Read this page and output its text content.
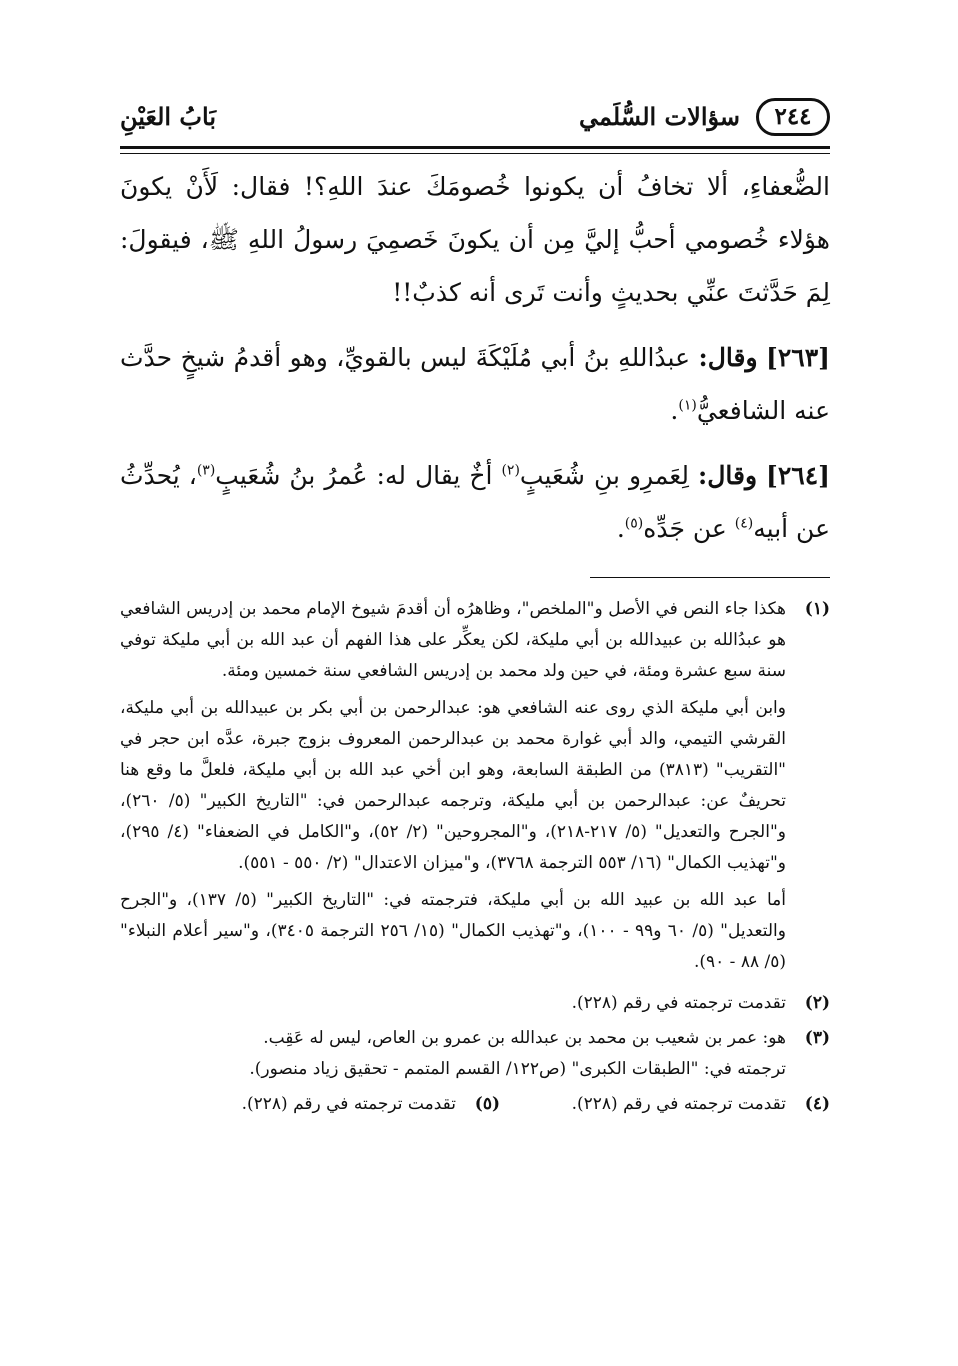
٢٤٤
سؤالات السُّلَمي
بَابُ العَيْنِ

الضُّعفاءِ، ألا تخافُ أن يكونوا خُصومَكَ عندَ اللهِ؟! فقال: لَأَنْ يكونَ هؤلاء خُصومي أحبُّ إليَّ مِن أن يكونَ خَصمِيَ رسولُ اللهِ ﷺ، فيقولَ: لِمَ حَدَّثتَ عنِّي بحديثٍ وأنت تَرى أنه كذبٌ!!

[٢٦٣] وقال: عبدُاللهِ بنُ أبي مُلَيْكَةَ ليس بالقويِّ، وهو أقدمُ شيخٍ حدَّث عنه الشافعيُّ$^{(١)}$.

[٢٦٤] وقال: لِعَمرِو بنِ شُعَيبٍ$^{(٢)}$ أخٌ يقال له: عُمرُ بنُ شُعَيبٍ$^{(٣)}$، يُحدِّثُ عن أبيه$^{(٤)}$ عن جَدِّه$^{(٥)}$.

(١)

هكذا جاء النص في الأصل و"الملخص"، وظاهرُه أن أقدمَ شيوخ الإمام محمد بن إدريس الشافعي هو عبدُالله بن عبيدالله بن أبي مليكة، لكن يعكِّر على هذا الفهم أن عبد الله بن أبي مليكة توفي سنة سبع عشرة ومئة، في حين ولد محمد بن إدريس الشافعي سنة خمسين ومئة.

وابن أبي مليكة الذي روى عنه الشافعي هو: عبدالرحمن بن أبي بكر بن عبيدالله بن أبي مليكة، القرشي التيمي، والد أبي غوارة محمد بن عبدالرحمن المعروف بزوج جبرة، عدَّه ابن حجر في "التقريب" (٣٨١٣) من الطبقة السابعة، وهو ابن أخي عبد الله بن أبي مليكة، فلعلَّ ما وقع هنا تحريفٌ عن: عبدالرحمن بن أبي مليكة، وترجمه عبدالرحمن في: "التاريخ الكبير" (٥/ ٢٦٠)، و"الجرح والتعديل" (٥/ ٢١٧-٢١٨)، و"المجروحين" (٢/ ٥٢)، و"الكامل في الضعفاء" (٤/ ٢٩٥)، و"تهذيب الكمال" (١٦/ ٥٥٣ الترجمة ٣٧٦٨)، و"ميزان الاعتدال" (٢/ ٥٥٠ - ٥٥١).

أما عبد الله بن عبيد الله بن أبي مليكة، فترجمته في: "التاريخ الكبير" (٥/ ١٣٧)، و"الجرح والتعديل" (٥/ ٦٠ و٩٩ - ١٠٠)، و"تهذيب الكمال" (١٥/ ٢٥٦ الترجمة ٣٤٠٥)، و"سير أعلام النبلاء" (٥/ ٨٨ - ٩٠).

(٢)
تقدمت ترجمته في رقم (٢٢٨).
(٣)
هو: عمر بن شعيب بن محمد بن عبدالله بن عمرو بن العاص، ليس له عَقِب.
ترجمته في: "الطبقات الكبرى" (ص١٢٢/ القسم المتمم - تحقيق زياد منصور).
(٤)
تقدمت ترجمته في رقم (٢٢٨).
(٥)
تقدمت ترجمته في رقم (٢٢٨).
